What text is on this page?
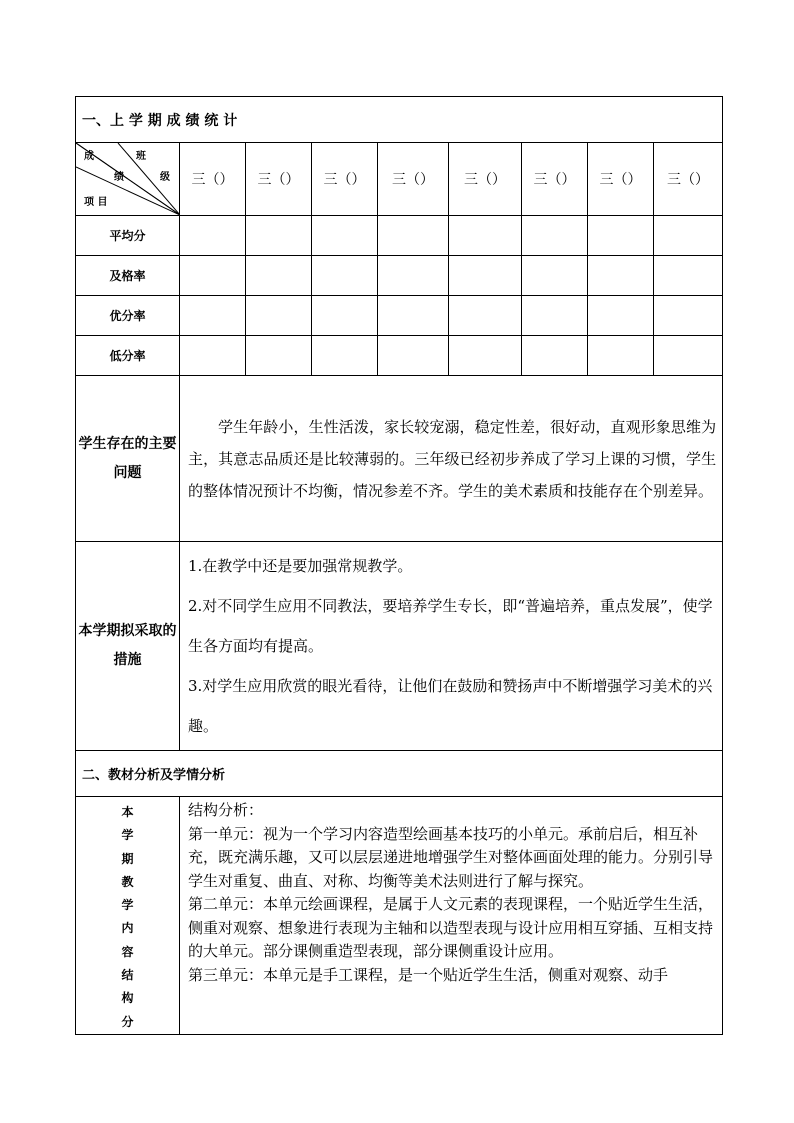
一、上 学 期 成 绩 统 计								

成 班
绩 级
项 目	三（）	三（）	三（）	三（）	三（）	三（）	三（）	三（）
平均分								
及格率								
优分率								
低分率								
学生存在的主要问题	学生年龄小，生性活泼，家长较宠溺，稳定性差，很好动，直观形象思维为主，其意志品质还是比较薄弱的。三年级已经初步养成了学习上课的习惯，学生的整体情况预计不均衡，情况参差不齐。学生的美术素质和技能存在个别差异。							

本学期拟采取的措施	1.在教学中还是要加强常规教学。

2.对不同学生应用不同教法，要培养学生专长，即“普遍培养，重点发展”，使学生各方面均有提高。

3.对学生应用欣赏的眼光看待，让他们在鼓励和赞扬声中不断增强学习美术的兴趣。							

二、教材分析及学情分析								

本学期教学内容结构分	结构分析：

第一单元：视为一个学习内容造型绘画基本技巧的小单元。承前启后，相互补充，既充满乐趣，又可以层层递进地增强学生对整体画面处理的能力。分别引导学生对重复、曲直、对称、均衡等美术法则进行了解与探究。

第二单元：本单元绘画课程，是属于人文元素的表现课程，一个贴近学生生活，侧重对观察、想象进行表现为主轴和以造型表现与设计应用相互穿插、互相支持的大单元。部分课侧重造型表现，部分课侧重设计应用。

第三单元：本单元是手工课程，是一个贴近学生生活，侧重对观察、动手							
